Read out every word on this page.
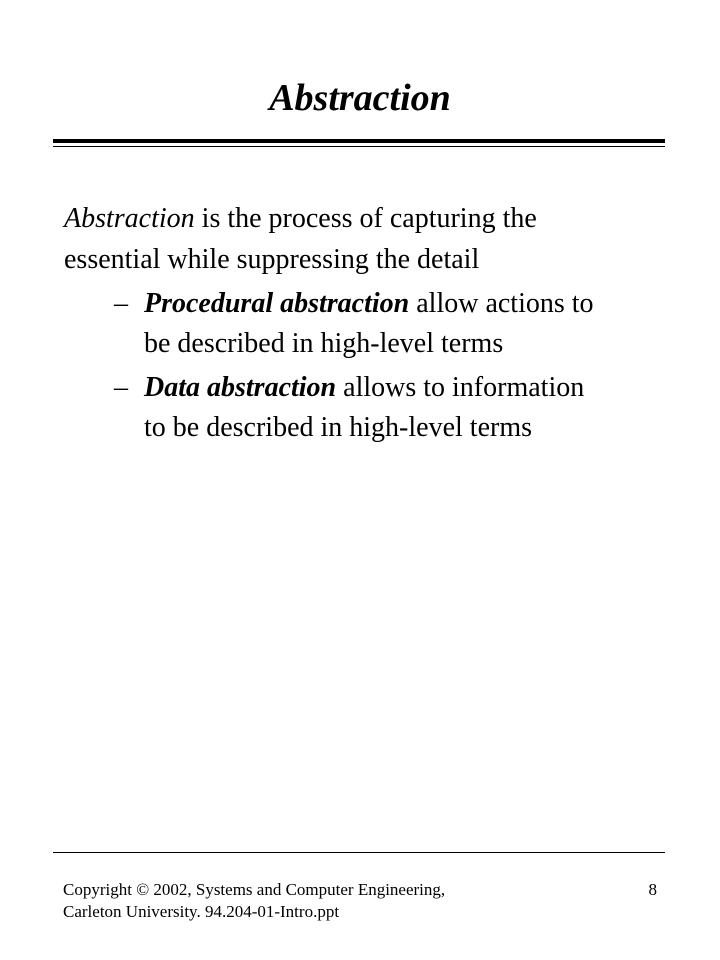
Abstraction
Abstraction is the process of capturing the
essential while suppressing the detail
– Procedural abstraction allow actions to
be described in high-level terms
– Data abstraction allows to information
to be described in high-level terms
Copyright © 2002, Systems and Computer Engineering,
Carleton University. 94.204-01-Intro.ppt
8
